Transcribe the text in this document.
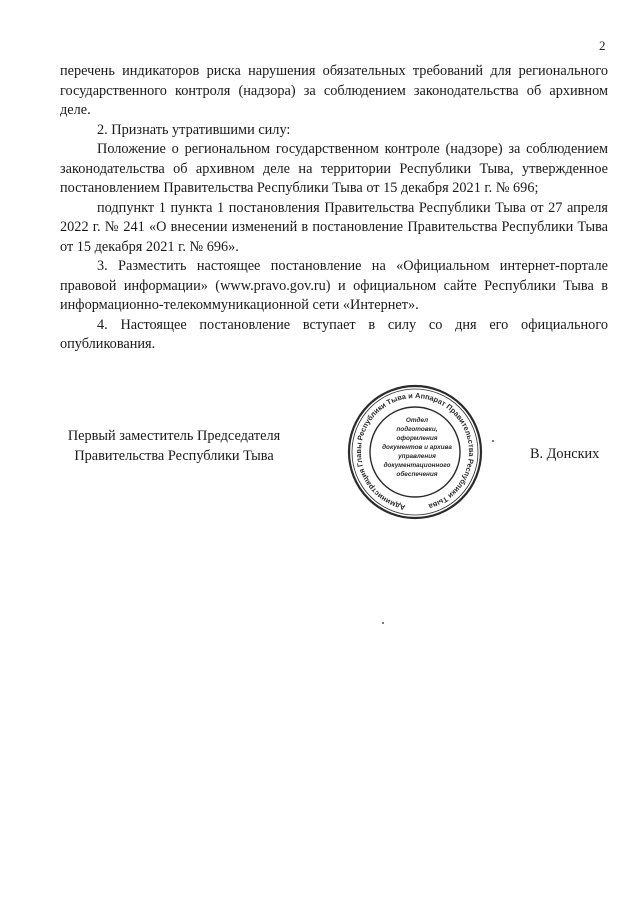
2

перечень индикаторов риска нарушения обязательных требований для регионального государственного контроля (надзора) за соблюдением законодательства об архивном деле.

2. Признать утратившими силу:

Положение о региональном государственном контроле (надзоре) за соблюдением законодательства об архивном деле на территории Республики Тыва, утвержденное постановлением Правительства Республики Тыва от 15 декабря 2021 г. № 696;

подпункт 1 пункта 1 постановления Правительства Республики Тыва от 27 апреля 2022 г. № 241 «О внесении изменений в постановление Правительства Республики Тыва от 15 декабря 2021 г. № 696».

3. Разместить настоящее постановление на «Официальном интернет-портале правовой информации» (www.pravo.gov.ru) и официальном сайте Республики Тыва в информационно-телекоммуникационной сети «Интернет».

4. Настоящее постановление вступает в силу со дня его официального опубликования.

Первый заместитель Председателя
Правительства Республики Тыва
Администрация Главы Республики Тыва и Аппарат Правительства Республики Тыва
Отдел
подготовки,
оформления
документов и архива
управления
документационного
обеспечения
В. Донских
